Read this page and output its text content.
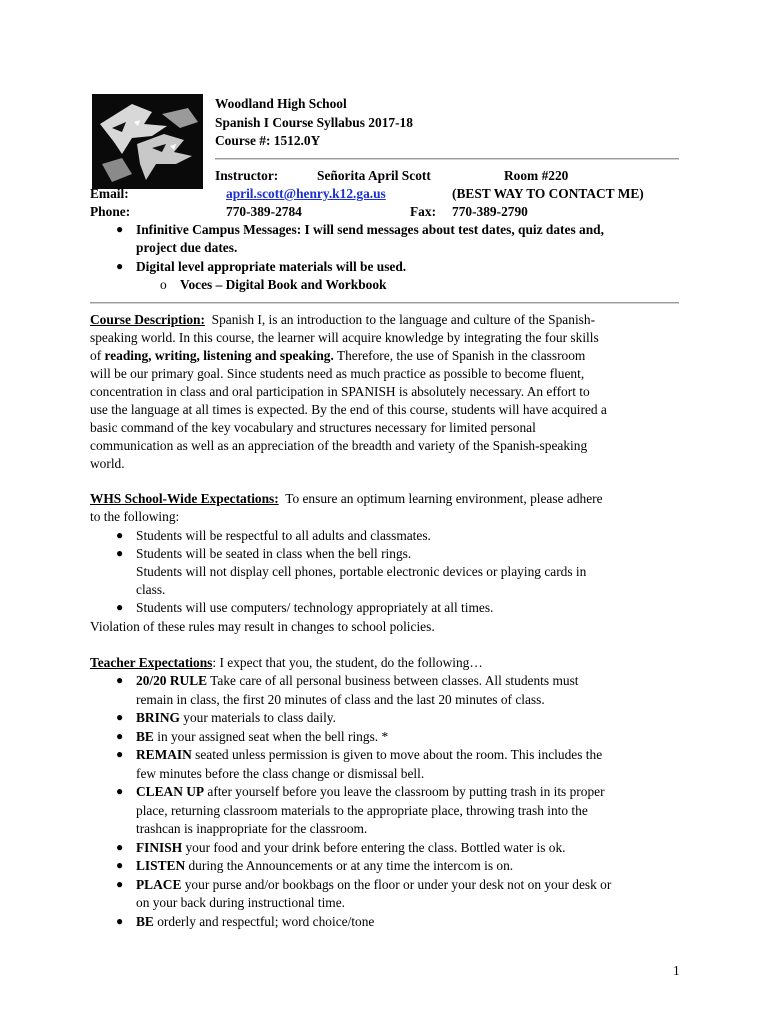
Woodland High School
Spanish I Course Syllabus 2017-18
Course #: 1512.0Y
Instructor:	Señorita April Scott	Room #220
Email:	april.scott@henry.k12.ga.us	(BEST WAY TO CONTACT ME)
Phone:	770-389-2784	Fax: 770-389-2790
● Infinitive Campus Messages: I will send messages about test dates, quiz dates and,
project due dates.
● Digital level appropriate materials will be used.
o Voces – Digital Book and Workbook
Course Description: Spanish I, is an introduction to the language and culture of the Spanish-
speaking world. In this course, the learner will acquire knowledge by integrating the four skills
of reading, writing, listening and speaking. Therefore, the use of Spanish in the classroom
will be our primary goal. Since students need as much practice as possible to become fluent,
concentration in class and oral participation in SPANISH is absolutely necessary. An effort to
use the language at all times is expected. By the end of this course, students will have acquired a
basic command of the key vocabulary and structures necessary for limited personal
communication as well as an appreciation of the breadth and variety of the Spanish-speaking
world.
WHS School-Wide Expectations: To ensure an optimum learning environment, please adhere
to the following:
● Students will be respectful to all adults and classmates.
● Students will be seated in class when the bell rings.
Students will not display cell phones, portable electronic devices or playing cards in
class.
● Students will use computers/ technology appropriately at all times.
Violation of these rules may result in changes to school policies.
Teacher Expectations: I expect that you, the student, do the following…
● 20/20 RULE Take care of all personal business between classes. All students must
remain in class, the first 20 minutes of class and the last 20 minutes of class.
● BRING your materials to class daily.
● BE in your assigned seat when the bell rings. *
● REMAIN seated unless permission is given to move about the room. This includes the
few minutes before the class change or dismissal bell.
● CLEAN UP after yourself before you leave the classroom by putting trash in its proper
place, returning classroom materials to the appropriate place, throwing trash into the
trashcan is inappropriate for the classroom.
● FINISH your food and your drink before entering the class. Bottled water is ok.
● LISTEN during the Announcements or at any time the intercom is on.
● PLACE your purse and/or bookbags on the floor or under your desk not on your desk or
on your back during instructional time.
● BE orderly and respectful; word choice/tone
1
